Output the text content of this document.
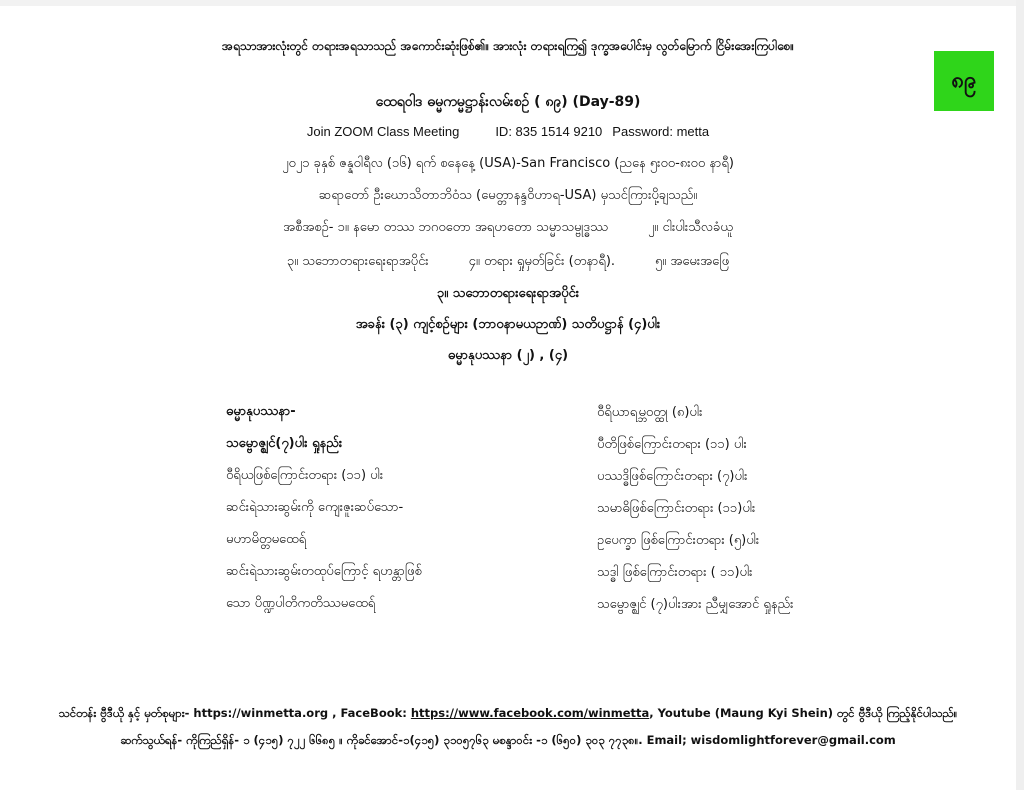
အရသာအားလုံးတွင် တရားအရသာသည် အကောင်းဆုံးဖြစ်၏။ အားလုံး တရားရကြ၍ ဒုက္ခအပေါင်းမှ လွတ်မြောက် ငြိမ်းအေးကြပါစေ။
၈၉
ထေရဝါဒ ဓမ္မကမ္မဋ္ဌာန်းလမ်းစဉ် ( ၈၉) (Day-89)
Join ZOOM Class Meeting	ID: 835 1514 9210 Password: metta
၂၀၂၁ ခုနှစ် ဇန္နဝါရီလ (၁၆) ရက် စနေနေ့ (USA)-San Francisco (ညနေ ၅း၀၀-၈း၀၀ နာရီ)
ဆရာတော် ဦးဃောသိတာဘိဝံသ (မေတ္တာနန္ဒဝိဟာရ-USA) မှသင်ကြားပို့ချသည်။
အစီအစဉ်- ၁။ နမော တဿ ဘဂဝတော အရဟတော သမ္မာသမ္ဗုဒ္ဓဿ	၂။ ငါးပါးသီလခံယူ
၃။ သဘောတရားရေးရာအပိုင်း	၄။ တရား ရှုမှတ်ခြင်း (တနာရီ).	၅။ အမေးအဖြေ
၃။ သဘောတရားရေးရာအပိုင်း
အခန်း (၃) ကျင့်စဉ်များ (ဘာဝနာမယဉာဏ်) သတိပဋ္ဌာန် (၄)ပါး
ဓမ္မာနုပဿနာ (၂) , (၄)
ဓမ္မာနုပဿနာ-
သမ္ဗောဇ္ဈင်(၇)ပါး ရှုနည်း
ဝီရိယဖြစ်ကြောင်းတရား (၁၁) ပါး
ဆင်းရဲသားဆွမ်းကို ကျေးဇူးဆပ်သော-
မဟာမိတ္တမထေရ်
ဆင်းရဲသားဆွမ်းတထုပ်ကြောင့် ရဟန္တာဖြစ်
သော ပိဏ္ဍပါတိကတိဿမထေရ်
ဝီရိယာရမ္ဘဝတ္ထု (၈)ပါး
ပီတိဖြစ်ကြောင်းတရား (၁၁) ပါး
ပဿဒ္ဓိဖြစ်ကြောင်းတရား (၇)ပါး
သမာဓိဖြစ်ကြောင်းတရား (၁၁)ပါး
ဥပေက္ခာ ဖြစ်ကြောင်းတရား (၅)ပါး
သဒ္ဓါ ဖြစ်ကြောင်းတရား ( ၁၁)ပါး
သမ္ဗောဇ္ဈင် (၇)ပါးအား ညီမျှအောင် ရှုနည်း
သင်တန်း ဗွီဒီယို နှင့် မှတ်စုများ- https://winmetta.org , FaceBook: https://www.facebook.com/winmetta, Youtube (Maung Kyi Shein) တွင် ဗွီဒီယို ကြည့်နိုင်ပါသည်။
ဆက်သွယ်ရန်- ကိုကြည်ရှိန်- ၁ (၄၁၅) ၇၂၂ ၆၆၈၅ ။ ကိုခင်အောင်-၁(၄၁၅) ၃၁၀၅၇၆၃ မစန္ဒာဝင်း -၁ (၆၅၀) ၃၀၃ ၇၇၃၈။. Email; wisdomlightforever@gmail.com
